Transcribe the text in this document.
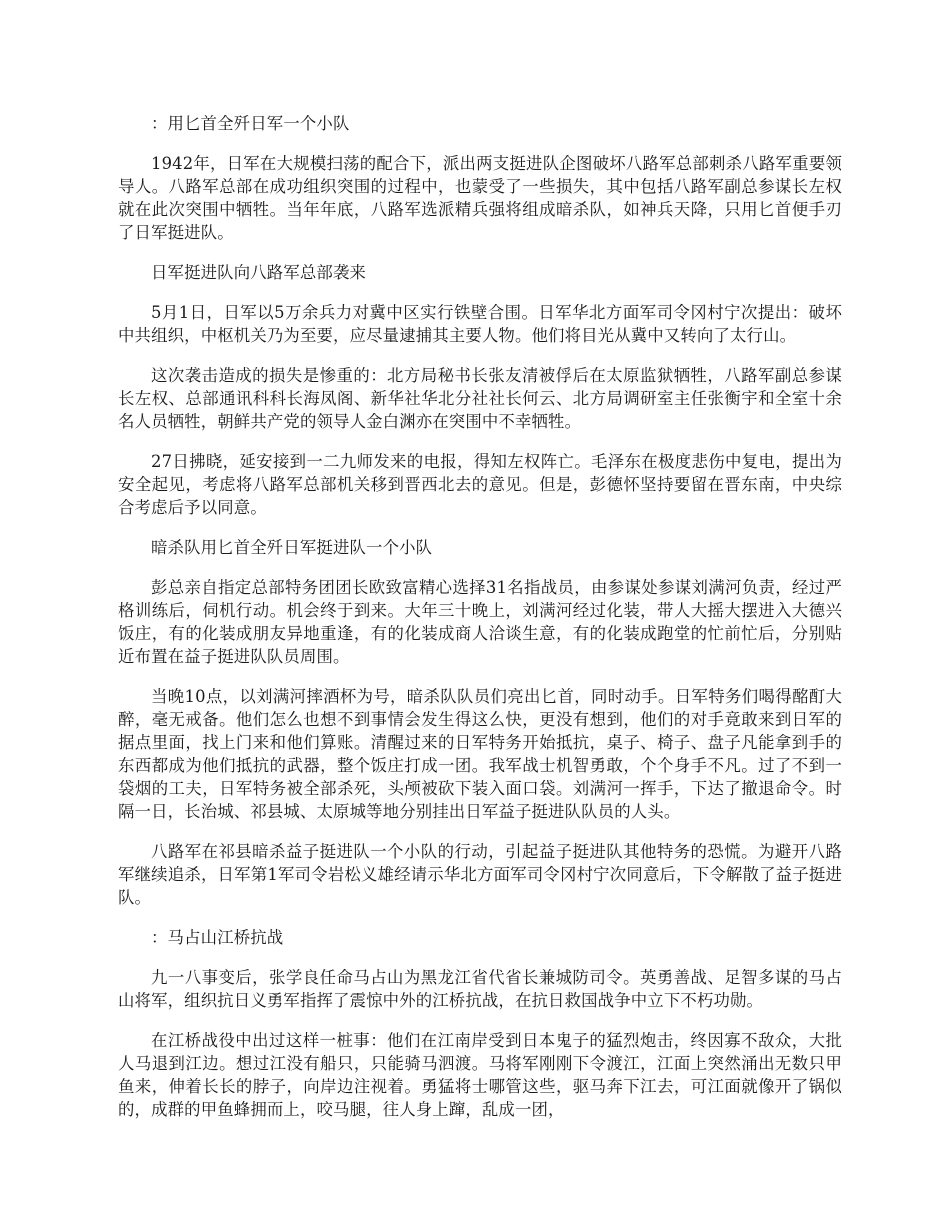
：用匕首全歼日军一个小队

1942年，日军在大规模扫荡的配合下，派出两支挺进队企图破坏八路军总部刺杀八路军重要领导人。八路军总部在成功组织突围的过程中，也蒙受了一些损失，其中包括八路军副总参谋长左权就在此次突围中牺牲。当年年底，八路军选派精兵强将组成暗杀队，如神兵天降，只用匕首便手刃了日军挺进队。

日军挺进队向八路军总部袭来

5月1日，日军以5万余兵力对冀中区实行铁壁合围。日军华北方面军司令冈村宁次提出：破坏中共组织，中枢机关乃为至要，应尽量逮捕其主要人物。他们将目光从冀中又转向了太行山。

这次袭击造成的损失是惨重的：北方局秘书长张友清被俘后在太原监狱牺牲，八路军副总参谋长左权、总部通讯科科长海凤阁、新华社华北分社社长何云、北方局调研室主任张衡宇和全室十余名人员牺牲，朝鲜共产党的领导人金白渊亦在突围中不幸牺牲。

27日拂晓，延安接到一二九师发来的电报，得知左权阵亡。毛泽东在极度悲伤中复电，提出为安全起见，考虑将八路军总部机关移到晋西北去的意见。但是，彭德怀坚持要留在晋东南，中央综合考虑后予以同意。

暗杀队用匕首全歼日军挺进队一个小队

彭总亲自指定总部特务团团长欧致富精心选择31名指战员，由参谋处参谋刘满河负责，经过严格训练后，伺机行动。机会终于到来。大年三十晚上，刘满河经过化装，带人大摇大摆进入大德兴饭庄，有的化装成朋友异地重逢，有的化装成商人洽谈生意，有的化装成跑堂的忙前忙后，分别贴近布置在益子挺进队队员周围。

当晚10点，以刘满河摔酒杯为号，暗杀队队员们亮出匕首，同时动手。日军特务们喝得酩酊大醉，毫无戒备。他们怎么也想不到事情会发生得这么快，更没有想到，他们的对手竟敢来到日军的据点里面，找上门来和他们算账。清醒过来的日军特务开始抵抗，桌子、椅子、盘子凡能拿到手的东西都成为他们抵抗的武器，整个饭庄打成一团。我军战士机智勇敢，个个身手不凡。过了不到一袋烟的工夫，日军特务被全部杀死，头颅被砍下装入面口袋。刘满河一挥手，下达了撤退命令。时隔一日，长治城、祁县城、太原城等地分别挂出日军益子挺进队队员的人头。

八路军在祁县暗杀益子挺进队一个小队的行动，引起益子挺进队其他特务的恐慌。为避开八路军继续追杀，日军第1军司令岩松义雄经请示华北方面军司令冈村宁次同意后，下令解散了益子挺进队。

：马占山江桥抗战

九一八事变后，张学良任命马占山为黑龙江省代省长兼城防司令。英勇善战、足智多谋的马占山将军，组织抗日义勇军指挥了震惊中外的江桥抗战，在抗日救国战争中立下不朽功勋。

在江桥战役中出过这样一桩事：他们在江南岸受到日本鬼子的猛烈炮击，终因寡不敌众，大批人马退到江边。想过江没有船只，只能骑马泗渡。马将军刚刚下令渡江，江面上突然涌出无数只甲鱼来，伸着长长的脖子，向岸边注视着。勇猛将士哪管这些，驱马奔下江去，可江面就像开了锅似的，成群的甲鱼蜂拥而上，咬马腿，往人身上蹿，乱成一团，
